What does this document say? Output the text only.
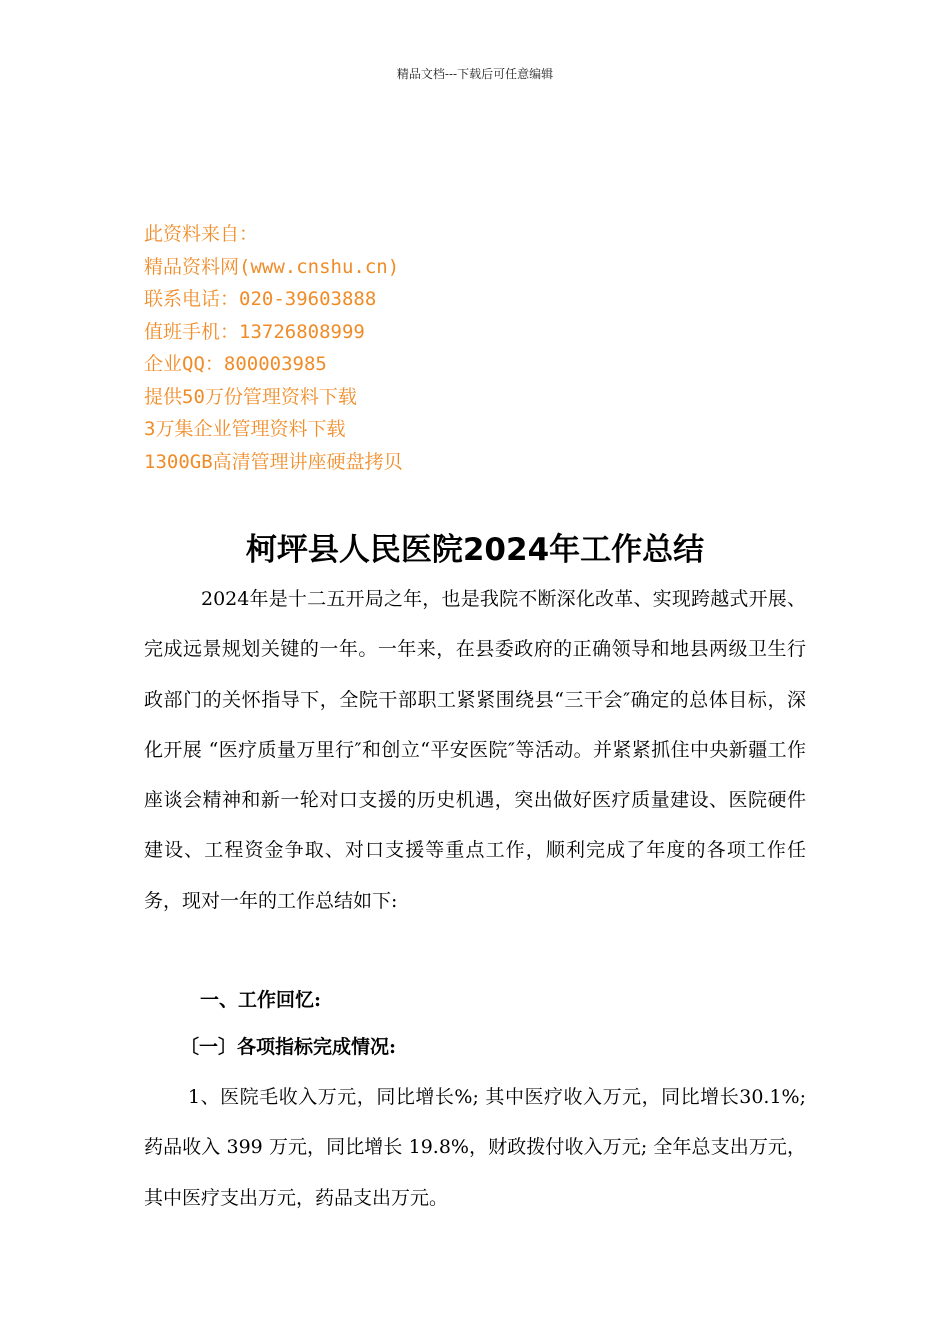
精品文档---下载后可任意编辑
此资料来自：
精品资料网(www.cnshu.cn)
联系电话：020-39603888
值班手机：13726808999
企业QQ：800003985
提供50万份管理资料下载
3万集企业管理资料下载
1300GB高清管理讲座硬盘拷贝
柯坪县人民医院2024年工作总结
2024年是十二五开局之年，也是我院不断深化改革、实现跨越式开展、完成远景规划关键的一年。一年来，在县委政府的正确领导和地县两级卫生行政部门的关怀指导下，全院干部职工紧紧围绕县“三干会″确定的总体目标，深化开展 “医疗质量万里行″和创立“平安医院″等活动。并紧紧抓住中央新疆工作座谈会精神和新一轮对口支援的历史机遇，突出做好医疗质量建设、医院硬件建设、工程资金争取、对口支援等重点工作，顺利完成了年度的各项工作任务，现对一年的工作总结如下:
一、工作回忆:
〔一〕各项指标完成情况:
1、医院毛收入万元，同比增长%; 其中医疗收入万元，同比增长30.1%; 药品收入 399 万元，同比增长 19.8%，财政拨付收入万元; 全年总支出万元，其中医疗支出万元，药品支出万元。
